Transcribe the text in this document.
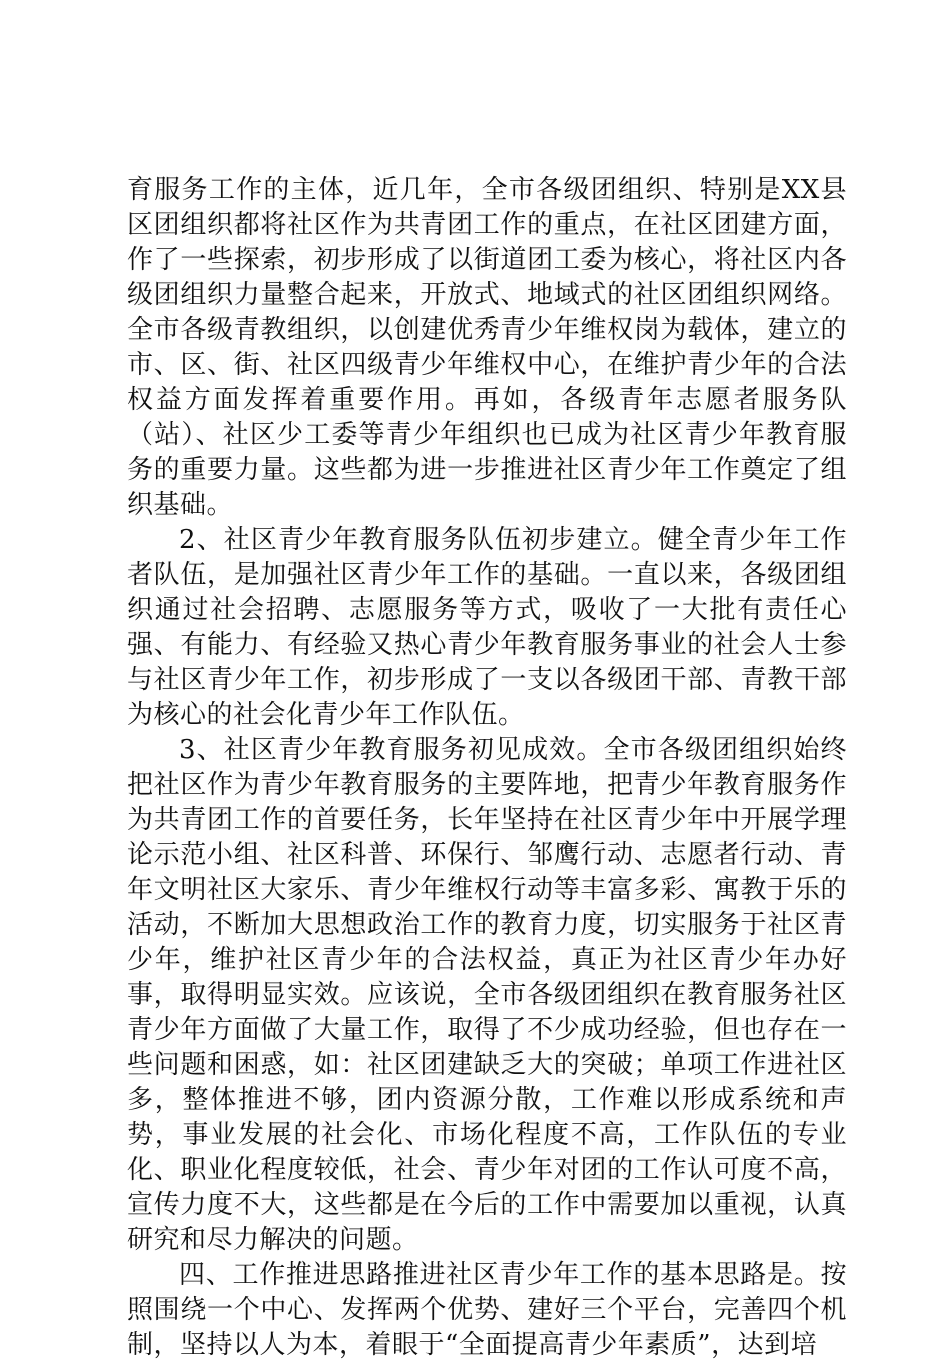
育服务工作的主体，近几年，全市各级团组织、特别是XX县区团组织都将社区作为共青团工作的重点，在社区团建方面，作了一些探索，初步形成了以街道团工委为核心，将社区内各级团组织力量整合起来，开放式、地域式的社区团组织网络。全市各级青教组织，以创建优秀青少年维权岗为载体，建立的市、区、街、社区四级青少年维权中心，在维护青少年的合法权益方面发挥着重要作用。再如，各级青年志愿者服务队（站）、社区少工委等青少年组织也已成为社区青少年教育服务的重要力量。这些都为进一步推进社区青少年工作奠定了组织基础。

2、社区青少年教育服务队伍初步建立。健全青少年工作者队伍，是加强社区青少年工作的基础。一直以来，各级团组织通过社会招聘、志愿服务等方式，吸收了一大批有责任心强、有能力、有经验又热心青少年教育服务事业的社会人士参与社区青少年工作，初步形成了一支以各级团干部、青教干部为核心的社会化青少年工作队伍。

3、社区青少年教育服务初见成效。全市各级团组织始终把社区作为青少年教育服务的主要阵地，把青少年教育服务作为共青团工作的首要任务，长年坚持在社区青少年中开展学理论示范小组、社区科普、环保行、邹鹰行动、志愿者行动、青年文明社区大家乐、青少年维权行动等丰富多彩、寓教于乐的活动，不断加大思想政治工作的教育力度，切实服务于社区青少年，维护社区青少年的合法权益，真正为社区青少年办好事，取得明显实效。应该说，全市各级团组织在教育服务社区青少年方面做了大量工作，取得了不少成功经验，但也存在一些问题和困惑，如：社区团建缺乏大的突破；单项工作进社区多，整体推进不够，团内资源分散，工作难以形成系统和声势，事业发展的社会化、市场化程度不高，工作队伍的专业化、职业化程度较低，社会、青少年对团的工作认可度不高，宣传力度不大，这些都是在今后的工作中需要加以重视，认真研究和尽力解决的问题。

四、工作推进思路推进社区青少年工作的基本思路是。按照围绕一个中心、发挥两个优势、建好三个平台，完善四个机制，坚持以人为本，着眼于“全面提高青少年素质”，达到培
